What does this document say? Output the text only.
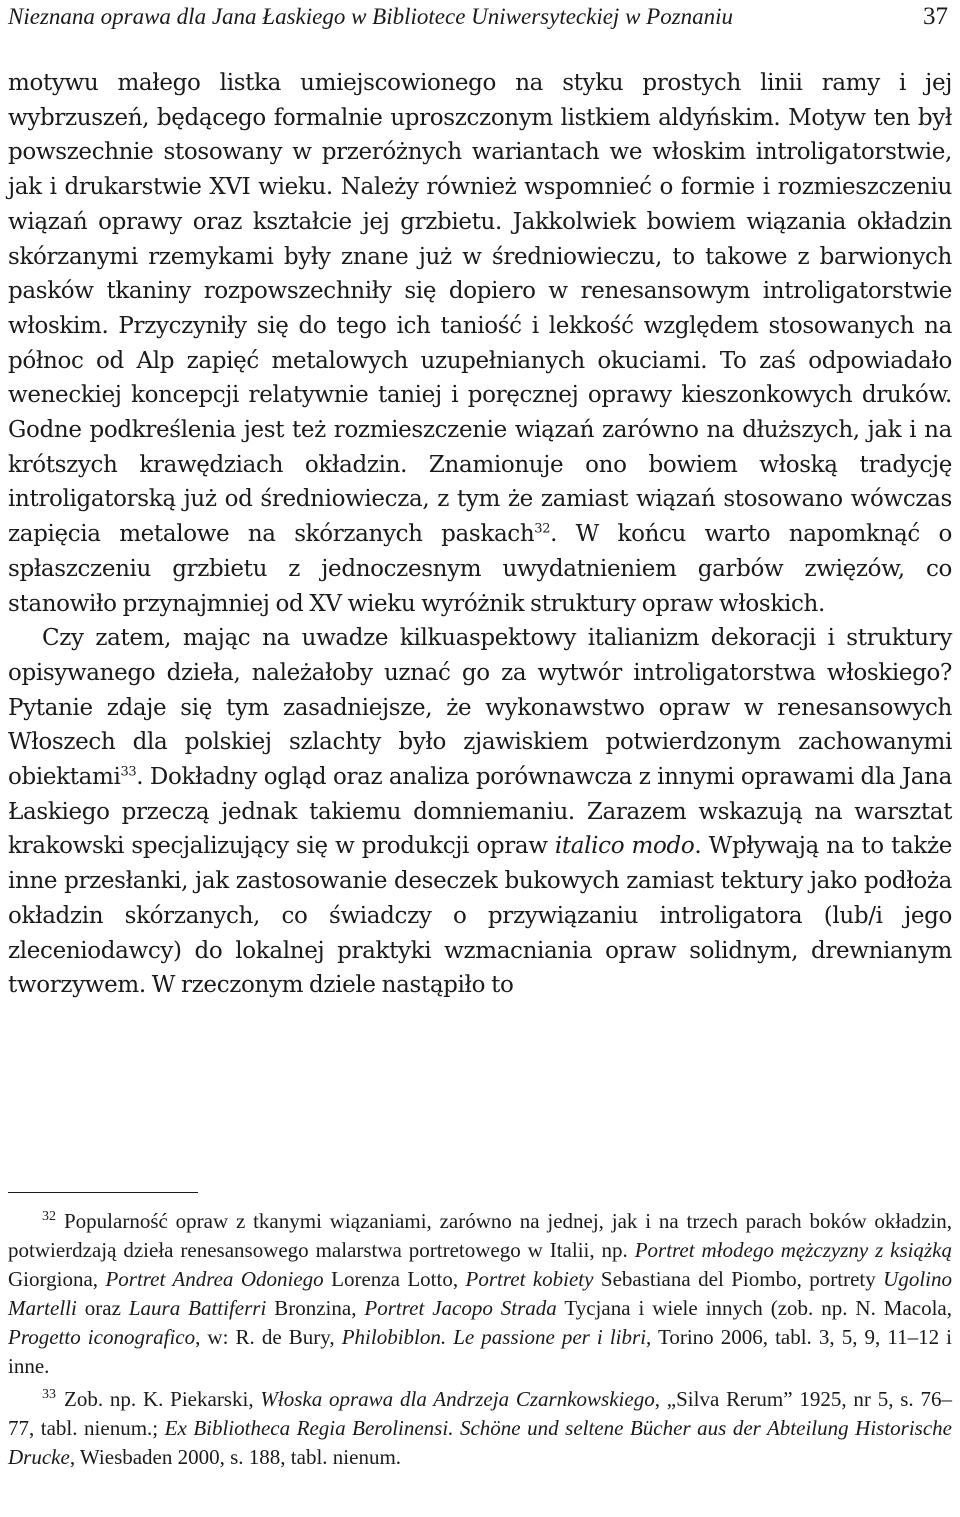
Nieznana oprawa dla Jana Łaskiego w Bibliotece Uniwersyteckiej w Poznaniu	37

motywu małego listka umiejscowionego na styku prostych linii ramy i jej wybrzuszeń, będącego formalnie uproszczonym listkiem aldyńskim. Motyw ten był powszechnie stosowany w przeróżnych wariantach we włoskim introligatorstwie, jak i drukarstwie XVI wieku. Należy również wspomnieć o formie i rozmieszczeniu wiązań oprawy oraz kształcie jej grzbietu. Jakkolwiek bowiem wiązania okładzin skórzanymi rzemykami były znane już w średniowieczu, to takowe z barwionych pasków tkaniny rozpowszechniły się dopiero w renesansowym introligatorstwie włoskim. Przyczyniły się do tego ich taniość i lekkość względem stosowanych na północ od Alp zapięć metalowych uzupełnianych okuciami. To zaś odpowiadało weneckiej koncepcji relatywnie taniej i poręcznej oprawy kieszonkowych druków. Godne podkreślenia jest też rozmieszczenie wiązań zarówno na dłuższych, jak i na krótszych krawędziach okładzin. Znamionuje ono bowiem włoską tradycję introligatorską już od średniowiecza, z tym że zamiast wiązań stosowano wówczas zapięcia metalowe na skórzanych paskach$^{32}$. W końcu warto napomknąć o spłaszczeniu grzbietu z jednoczesnym uwydatnieniem garbów zwięzów, co stanowiło przynajmniej od XV wieku wyróżnik struktury opraw włoskich.

Czy zatem, mając na uwadze kilkuaspektowy italianizm dekoracji i struktury opisywanego dzieła, należałoby uznać go za wytwór introligatorstwa włoskiego? Pytanie zdaje się tym zasadniejsze, że wykonawstwo opraw w renesansowych Włoszech dla polskiej szlachty było zjawiskiem potwierdzonym zachowanymi obiektami$^{33}$. Dokładny ogląd oraz analiza porównawcza z innymi oprawami dla Jana Łaskiego przeczą jednak takiemu domniemaniu. Zarazem wskazują na warsztat krakowski specjalizujący się w produkcji opraw italico modo. Wpływają na to także inne przesłanki, jak zastosowanie deseczek bukowych zamiast tektury jako podłoża okładzin skórzanych, co świadczy o przywiązaniu introligatora (lub/i jego zleceniodawcy) do lokalnej praktyki wzmacniania opraw solidnym, drewnianym tworzywem. W rzeczonym dziele nastąpiło to

$^{32}$ Popularność opraw z tkanymi wiązaniami, zarówno na jednej, jak i na trzech parach boków okładzin, potwierdzają dzieła renesansowego malarstwa portretowego w Italii, np. Portret młodego mężczyzny z książką Giorgiona, Portret Andrea Odoniego Lorenza Lotto, Portret kobiety Sebastiana del Piombo, portrety Ugolino Martelli oraz Laura Battiferri Bronzina, Portret Jacopo Strada Tycjana i wiele innych (zob. np. N. Macola, Progetto iconografico, w: R. de Bury, Philobiblon. Le passione per i libri, Torino 2006, tabl. 3, 5, 9, 11–12 i inne.

$^{33}$ Zob. np. K. Piekarski, Włoska oprawa dla Andrzeja Czarnkowskiego, „Silva Rerum” 1925, nr 5, s. 76–77, tabl. nienum.; Ex Bibliotheca Regia Berolinensi. Schöne und seltene Bücher aus der Abteilung Historische Drucke, Wiesbaden 2000, s. 188, tabl. nienum.
